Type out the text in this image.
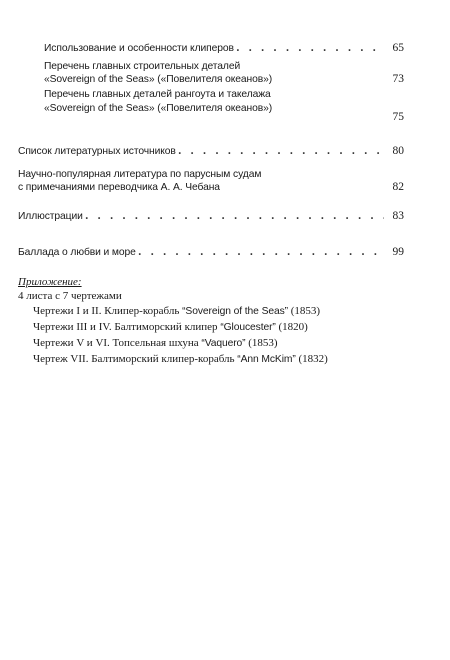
Использование и особенности клиперов . . .	65
Перечень главных строительных деталей
«Sovereign of the Seas» («Повелителя океанов»)	73
Перечень главных деталей рангоута и такелажа
«Sovereign of the Seas» («Повелителя океанов»)
75
Список литературных источников . . .	80
Научно-популярная литература по парусным судам
с примечаниями переводчика А. А. Чебана	82
Иллюстрации . . .	83
Баллада о любви и море . . .	99
Приложение:
4 листа с 7 чертежами
Чертежи I и II. Клипер-корабль “Sovereign of the Seas” (1853)
Чертежи III и IV. Балтиморский клипер “Gloucester” (1820)
Чертежи V и VI. Топсельная шхуна “Vaquero” (1853)
Чертеж VII. Балтиморский клипер-корабль “Ann McKim” (1832)
